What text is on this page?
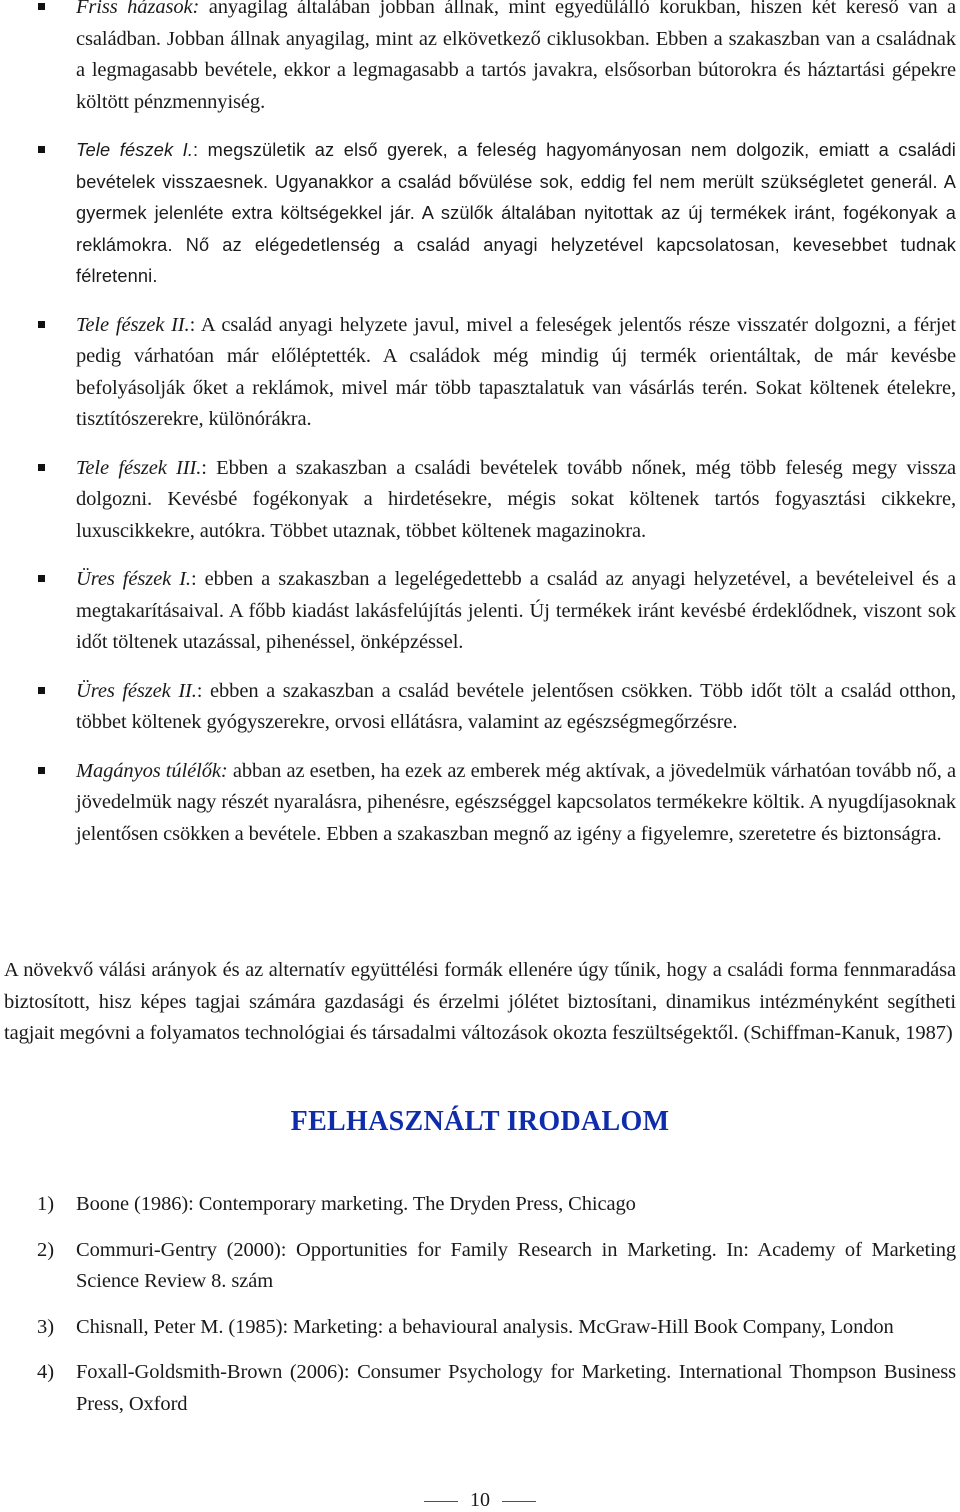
Friss házasok: anyagilag általában jobban állnak, mint egyedülálló korukban, hiszen két kereső van a családban. Jobban állnak anyagilag, mint az elkövetkező ciklusokban. Ebben a szakaszban van a családnak a legmagasabb bevétele, ekkor a legmagasabb a tartós javakra, elsősorban bútorokra és háztartási gépekre költött pénzmennyiség.

Tele fészek I.: megszületik az első gyerek, a feleség hagyományosan nem dolgozik, emiatt a családi bevételek visszaesnek. Ugyanakkor a család bővülése sok, eddig fel nem merült szükségletet generál. A gyermek jelenléte extra költségekkel jár. A szülők általában nyitottak az új termékek iránt, fogékonyak a reklámokra. Nő az elégedetlenség a család anyagi helyzetével kapcsolatosan, kevesebbet tudnak félretenni.

Tele fészek II.: A család anyagi helyzete javul, mivel a feleségek jelentős része visszatér dolgozni, a férjet pedig várhatóan már előléptették. A családok még mindig új termék orientáltak, de már kevésbe befolyásolják őket a reklámok, mivel már több tapasztalatuk van vásárlás terén. Sokat költenek ételekre, tisztítószerekre, különórákra.

Tele fészek III.: Ebben a szakaszban a családi bevételek tovább nőnek, még több feleség megy vissza dolgozni. Kevésbé fogékonyak a hirdetésekre, mégis sokat költenek tartós fogyasztási cikkekre, luxuscikkekre, autókra. Többet utaznak, többet költenek magazinokra.

Üres fészek I.: ebben a szakaszban a legelégedettebb a család az anyagi helyzetével, a bevételeivel és a megtakarításaival. A főbb kiadást lakásfelújítás jelenti. Új termékek iránt kevésbé érdeklődnek, viszont sok időt töltenek utazással, pihenéssel, önképzéssel.

Üres fészek II.: ebben a szakaszban a család bevétele jelentősen csökken. Több időt tölt a család otthon, többet költenek gyógyszerekre, orvosi ellátásra, valamint az egészségmegőrzésre.

Magányos túlélők: abban az esetben, ha ezek az emberek még aktívak, a jövedelmük várhatóan tovább nő, a jövedelmük nagy részét nyaralásra, pihenésre, egészséggel kapcsolatos termékekre költik. A nyugdíjasoknak jelentősen csökken a bevétele. Ebben a szakaszban megnő az igény a figyelemre, szeretetre és biztonságra.

A növekvő válási arányok és az alternatív együttélési formák ellenére úgy tűnik, hogy a családi forma fennmaradása biztosított, hisz képes tagjai számára gazdasági és érzelmi jólétet biztosítani, dinamikus intézményként segítheti tagjait megóvni a folyamatos technológiai és társadalmi változások okozta feszültségektől. (Schiffman-Kanuk, 1987)

FELHASZNÁLT IRODALOM
1) Boone (1986): Contemporary marketing. The Dryden Press, Chicago

2) Commuri-Gentry (2000): Opportunities for Family Research in Marketing. In: Academy of Marketing Science Review 8. szám

3) Chisnall, Peter M. (1985): Marketing: a behavioural analysis. McGraw-Hill Book Company, London

4) Foxall-Goldsmith-Brown (2006): Consumer Psychology for Marketing. International Thompson Business Press, Oxford

10
